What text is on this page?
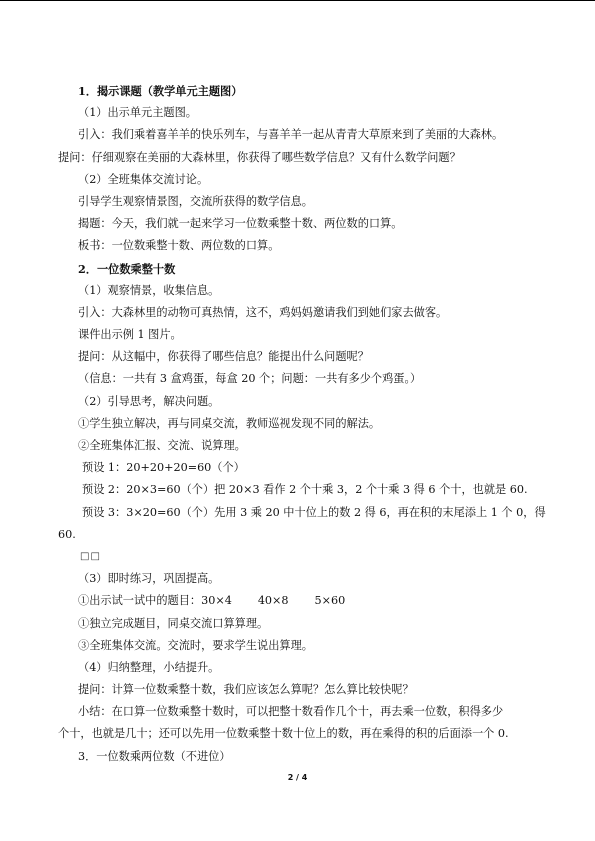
1．揭示课题（教学单元主题图）
（1）出示单元主题图。
引入：我们乘着喜羊羊的快乐列车，与喜羊羊一起从青青大草原来到了美丽的大森林。
提问：仔细观察在美丽的大森林里，你获得了哪些数学信息？又有什么数学问题？
（2）全班集体交流讨论。
引导学生观察情景图，交流所获得的数学信息。
揭题：今天，我们就一起来学习一位数乘整十数、两位数的口算。
板书：一位数乘整十数、两位数的口算。
2．一位数乘整十数
（1）观察情景，收集信息。
引入：大森林里的动物可真热情，这不，鸡妈妈邀请我们到她们家去做客。
课件出示例 1 图片。
提问：从这幅中，你获得了哪些信息？能提出什么问题呢？
（信息：一共有 3 盒鸡蛋，每盒 20 个；问题：一共有多少个鸡蛋。）
（2）引导思考，解决问题。
①学生独立解决，再与同桌交流，教师巡视发现不同的解法。
②全班集体汇报、交流、说算理。
预设 1：20+20+20=60（个）
预设 2：20×3=60（个）把 20×3 看作 2 个十乘 3，2 个十乘 3 得 6 个十，也就是 60.
预设 3：3×20=60（个）先用 3 乘 20 中十位上的数 2 得 6，再在积的末尾添上 1 个 0，得
60.
□□
（3）即时练习，巩固提高。
①出示试一试中的题目：30×4 40×8 5×60
①独立完成题目，同桌交流口算算理。
③全班集体交流。交流时，要求学生说出算理。
（4）归纳整理，小结提升。
提问：计算一位数乘整十数，我们应该怎么算呢？怎么算比较快呢？
小结：在口算一位数乘整十数时，可以把整十数看作几个十，再去乘一位数，积得多少
个十，也就是几十；还可以先用一位数乘整十数十位上的数，再在乘得的积的后面添一个 0.
3．一位数乘两位数（不进位）
2 / 4
